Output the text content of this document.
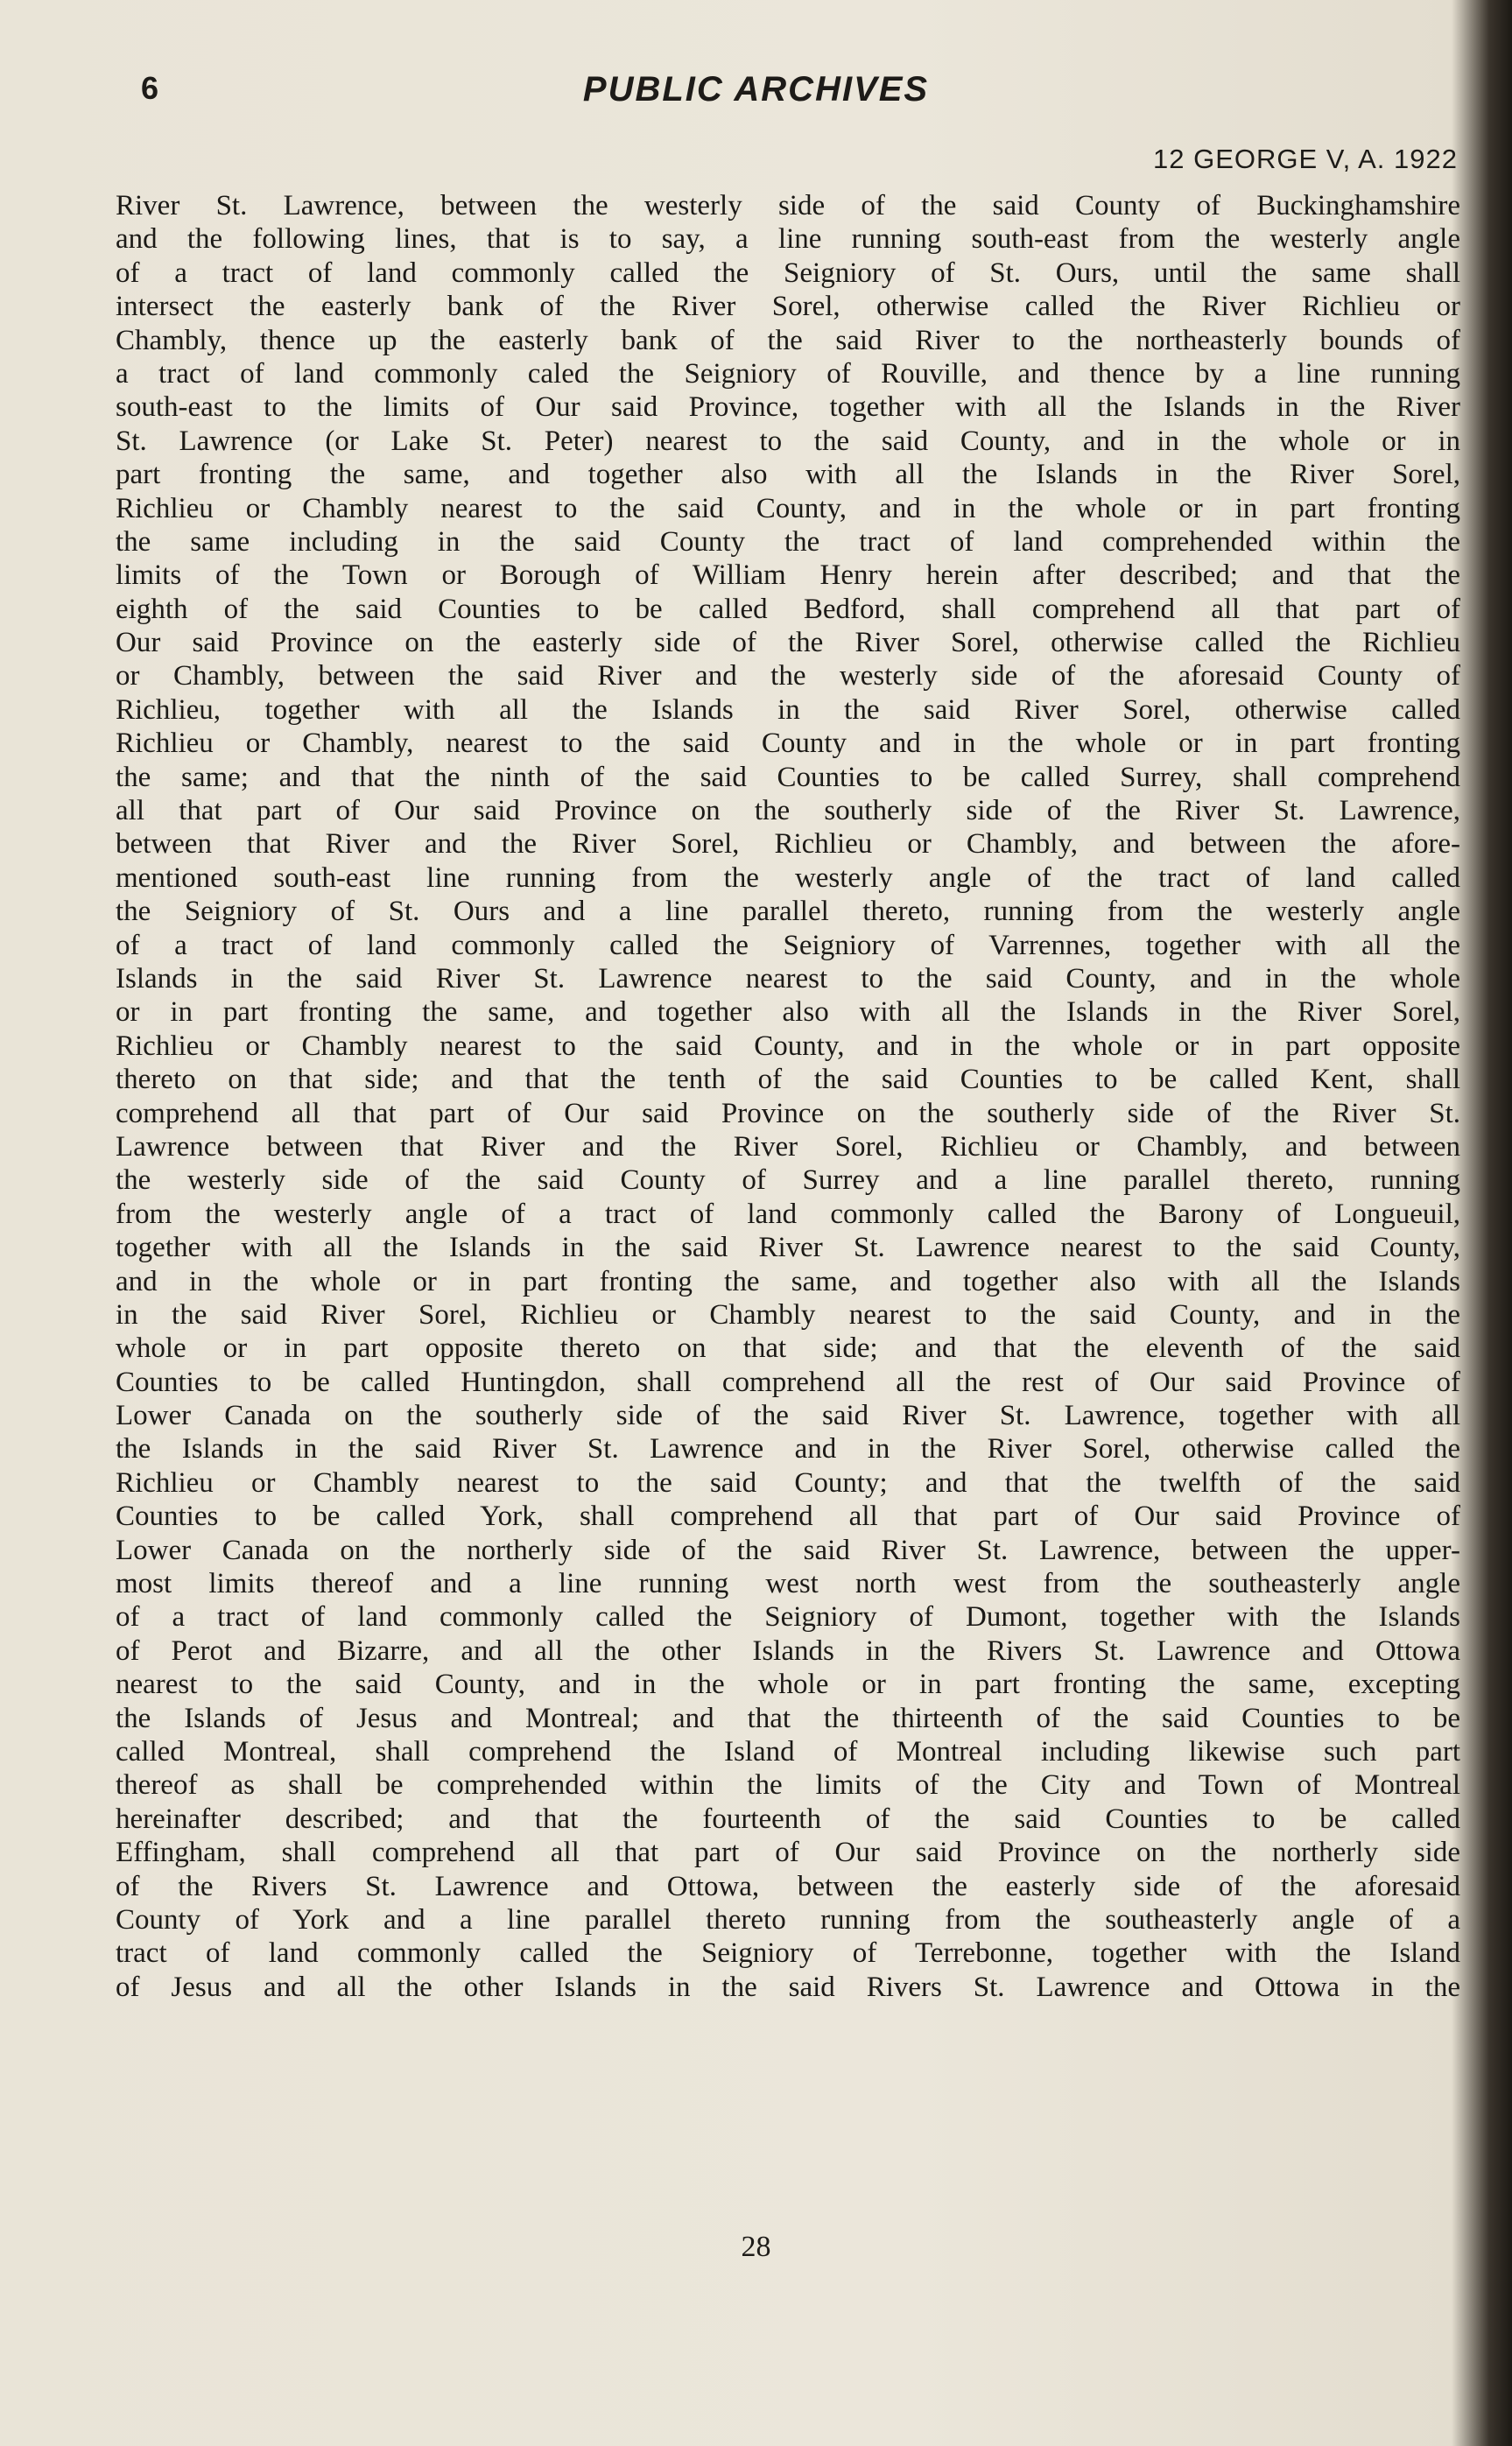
6	PUBLIC ARCHIVES
12 GEORGE V, A. 1922
River St. Lawrence, between the westerly side of the said County of Buckinghamshire
and the following lines, that is to say, a line running south-east from the westerly angle
of a tract of land commonly called the Seigniory of St. Ours, until the same shall
intersect the easterly bank of the River Sorel, otherwise called the River Richlieu or
Chambly, thence up the easterly bank of the said River to the northeasterly bounds of
a tract of land commonly caled the Seigniory of Rouville, and thence by a line running
south-east to the limits of Our said Province, together with all the Islands in the River
St. Lawrence (or Lake St. Peter) nearest to the said County, and in the whole or in
part fronting the same, and together also with all the Islands in the River Sorel,
Richlieu or Chambly nearest to the said County, and in the whole or in part fronting
the same including in the said County the tract of land comprehended within the
limits of the Town or Borough of William Henry herein after described; and that the
eighth of the said Counties to be called Bedford, shall comprehend all that part of
Our said Province on the easterly side of the River Sorel, otherwise called the Richlieu
or Chambly, between the said River and the westerly side of the aforesaid County of
Richlieu, together with all the Islands in the said River Sorel, otherwise called
Richlieu or Chambly, nearest to the said County and in the whole or in part fronting
the same; and that the ninth of the said Counties to be called Surrey, shall comprehend
all that part of Our said Province on the southerly side of the River St. Lawrence,
between that River and the River Sorel, Richlieu or Chambly, and between the afore-
mentioned south-east line running from the westerly angle of the tract of land called
the Seigniory of St. Ours and a line parallel thereto, running from the westerly angle
of a tract of land commonly called the Seigniory of Varrennes, together with all the
Islands in the said River St. Lawrence nearest to the said County, and in the whole
or in part fronting the same, and together also with all the Islands in the River Sorel,
Richlieu or Chambly nearest to the said County, and in the whole or in part opposite
thereto on that side; and that the tenth of the said Counties to be called Kent, shall
comprehend all that part of Our said Province on the southerly side of the River St.
Lawrence between that River and the River Sorel, Richlieu or Chambly, and between
the westerly side of the said County of Surrey and a line parallel thereto, running
from the westerly angle of a tract of land commonly called the Barony of Longueuil,
together with all the Islands in the said River St. Lawrence nearest to the said County,
and in the whole or in part fronting the same, and together also with all the Islands
in the said River Sorel, Richlieu or Chambly nearest to the said County, and in the
whole or in part opposite thereto on that side; and that the eleventh of the said
Counties to be called Huntingdon, shall comprehend all the rest of Our said Province of
Lower Canada on the southerly side of the said River St. Lawrence, together with all
the Islands in the said River St. Lawrence and in the River Sorel, otherwise called the
Richlieu or Chambly nearest to the said County; and that the twelfth of the said
Counties to be called York, shall comprehend all that part of Our said Province of
Lower Canada on the northerly side of the said River St. Lawrence, between the upper-
most limits thereof and a line running west north west from the southeasterly angle
of a tract of land commonly called the Seigniory of Dumont, together with the Islands
of Perot and Bizarre, and all the other Islands in the Rivers St. Lawrence and Ottowa
nearest to the said County, and in the whole or in part fronting the same, excepting
the Islands of Jesus and Montreal; and that the thirteenth of the said Counties to be
called Montreal, shall comprehend the Island of Montreal including likewise such part
thereof as shall be comprehended within the limits of the City and Town of Montreal
hereinafter described; and that the fourteenth of the said Counties to be called
Effingham, shall comprehend all that part of Our said Province on the northerly side
of the Rivers St. Lawrence and Ottowa, between the easterly side of the aforesaid
County of York and a line parallel thereto running from the southeasterly angle of a
tract of land commonly called the Seigniory of Terrebonne, together with the Island
of Jesus and all the other Islands in the said Rivers St. Lawrence and Ottowa in the
28
